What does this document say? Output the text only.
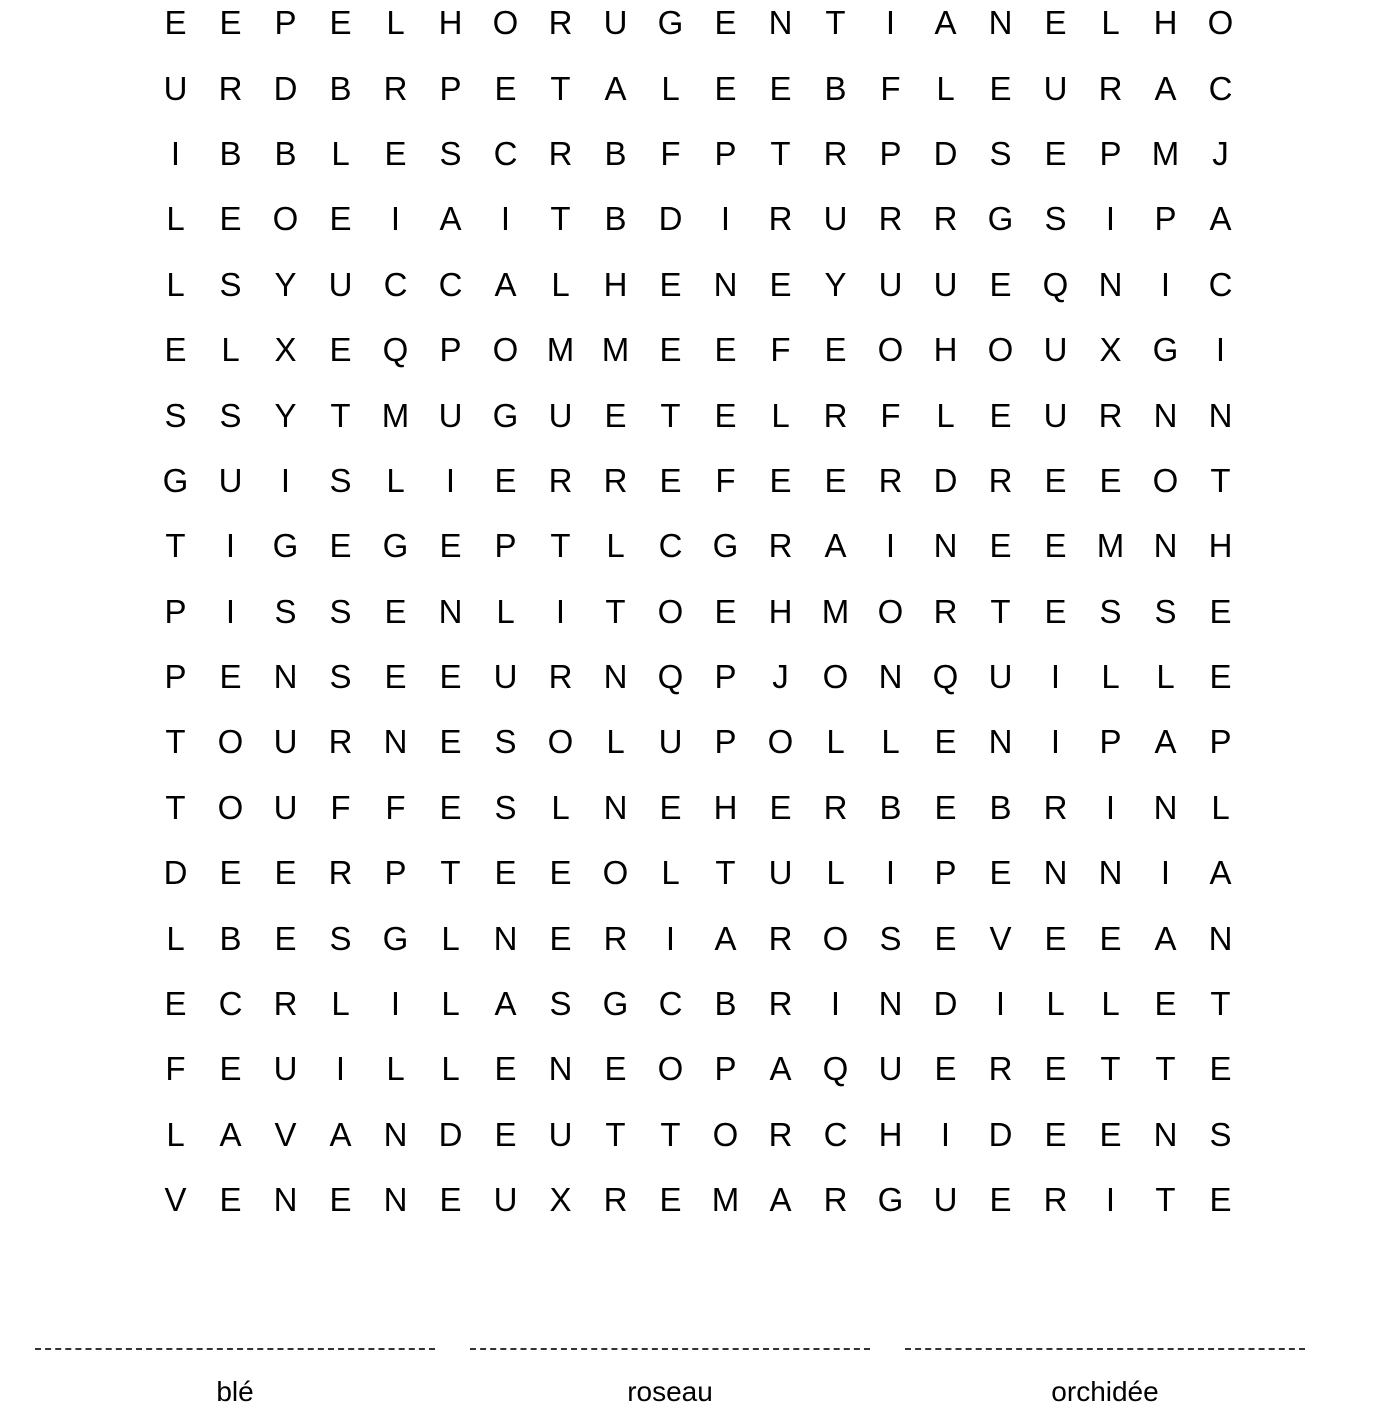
E E P E	L	H O R U G E N T	I	A N E	L	H O
U R D B R P E	T	A	L	E E B	F	L	E U R A C
I	B B	L	E S C R B	F	P	T	R P D S E P M	J
L	E O E	I	A	I	T	B D	I	R U R R G S	I	P A
L	S Y U C C A	L	H E N E Y U U E Q N	I	C
E	L	X E Q P O M M E E	F	E O H O U X G	I
S S Y	T M U G U E	T	E	L	R F	L	E U R N N
G U	I	S	L	I	E R R E	F	E E R D R E E O T
T	I	G E G E P	T	L	C G R A	I	N E E M N H
P	I	S S E N	L	I	T O E H M O R T	E S S E
P E N S E E U R N Q P	J	O N Q U	I	L	L	E
T O U R N E S O L	U P O L	L	E N	I	P A P
T O U F	F	E S	L	N E H E R B E B R	I	N	L
D E E R P	T	E E O L	T	U	L	I	P E N N	I	A
L	B E S G L	N E R	I	A R O S E V E E A N
E C R	L	I	L	A S G C B R	I	N D	I	L	L	E	T
F	E U	I	L	L	E N E O P A Q U E R E	T	T	E
L	A V A N D E U T	T O R C H	I	D E E N S
V E N E N E U X R E M A R G U E R	I	T	E
blé	roseau	orchidée
